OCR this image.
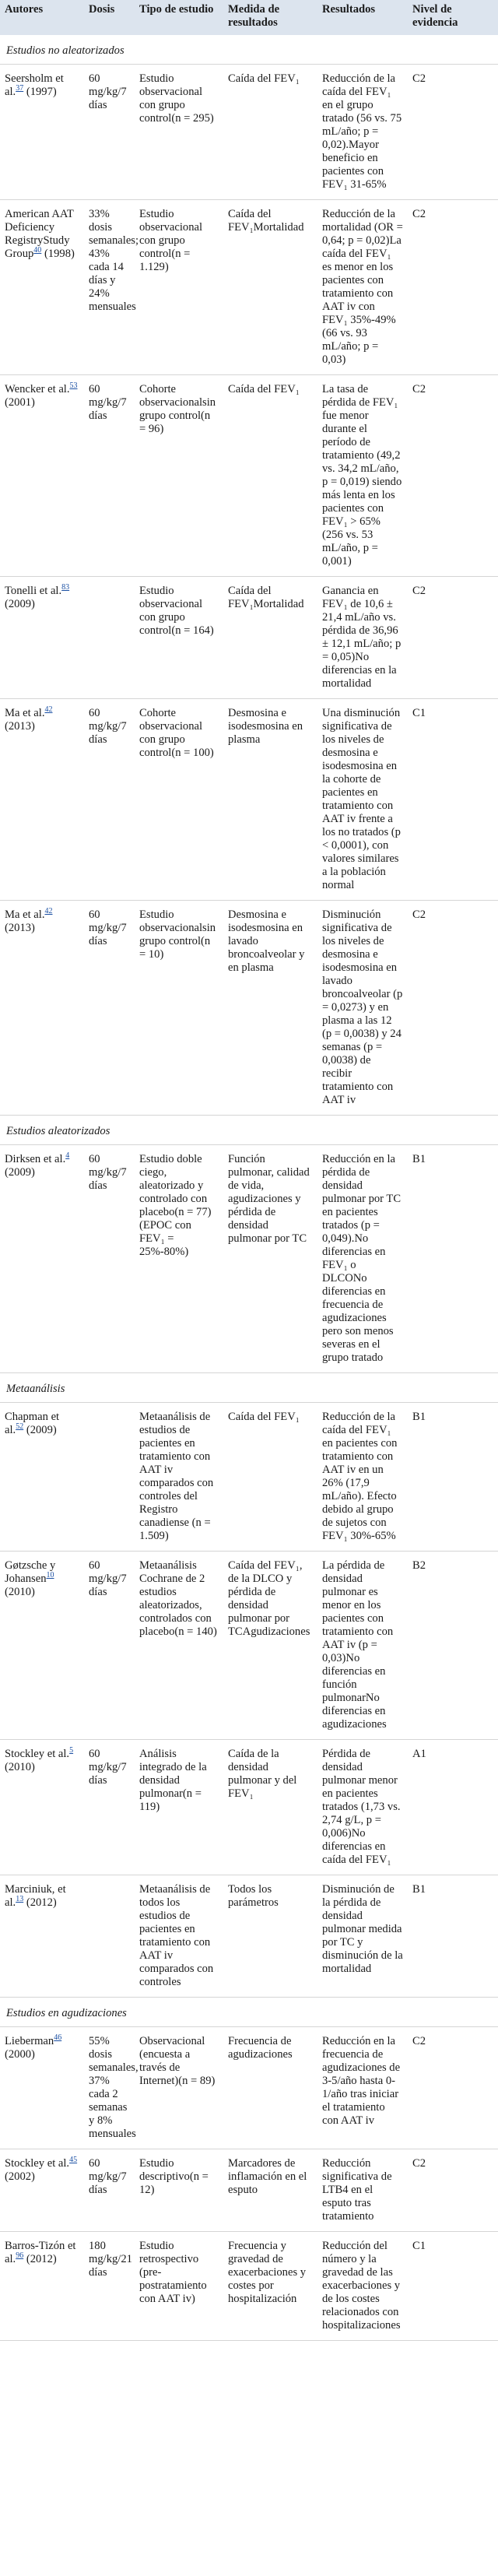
Autores	Dosis	Tipo de estudio	Medida de resultados	Resultados	Nivel de evidencia
Estudios no aleatorizados					
Seersholm et al.$^{37}$ (1997)	60 mg/kg/7 días	Estudio observacional con grupo control(n = 295)	Caída del FEV₁	Reducción de la caída del FEV₁ en el grupo tratado (56 vs. 75 mL/año; p = 0,02).Mayor beneficio en pacientes con FEV₁ 31-65%	C2
American AAT Deficiency RegistryStudy Group$^{40}$ (1998)	33% dosis semanales; 43% cada 14 días y 24% mensuales	Estudio observacional con grupo control(n = 1.129)	Caída del FEV₁Mortalidad	Reducción de la mortalidad (OR = 0,64; p = 0,02)La caída del FEV₁ es menor en los pacientes con tratamiento con AAT iv con FEV₁ 35%-49% (66 vs. 93 mL/año; p = 0,03)	C2
Wencker et al.$^{53}$ (2001)	60 mg/kg/7 días	Cohorte observacionalsin grupo control(n = 96)	Caída del FEV₁	La tasa de pérdida de FEV₁ fue menor durante el período de tratamiento (49,2 vs. 34,2 mL/año, p = 0,019) siendo más lenta en los pacientes con FEV₁ > 65% (256 vs. 53 mL/año, p = 0,001)	C2
Tonelli et al.$^{83}$ (2009)		Estudio observacional con grupo control(n = 164)	Caída del FEV₁Mortalidad	Ganancia en FEV₁ de 10,6 ± 21,4 mL/año vs. pérdida de 36,96 ± 12,1 mL/año; p = 0,05)No diferencias en la mortalidad	C2
Ma et al.$^{42}$ (2013)	60 mg/kg/7 días	Cohorte observacional con grupo control(n = 100)	Desmosina e isodesmosina en plasma	Una disminución significativa de los niveles de desmosina e isodesmosina en la cohorte de pacientes en tratamiento con AAT iv frente a los no tratados (p < 0,0001), con valores similares a la población normal	C1
Ma et al.$^{42}$ (2013)	60 mg/kg/7 días	Estudio observacionalsin grupo control(n = 10)	Desmosina e isodesmosina en lavado broncoalveolar y en plasma	Disminución significativa de los niveles de desmosina e isodesmosina en lavado broncoalveolar (p = 0,0273) y en plasma a las 12 (p = 0,0038) y 24 semanas (p = 0,0038) de recibir tratamiento con AAT iv	C2
Estudios aleatorizados					
Dirksen et al.$^4$ (2009)	60 mg/kg/7 días	Estudio doble ciego, aleatorizado y controlado con placebo(n = 77) (EPOC con FEV₁ = 25%-80%)	Función pulmonar, calidad de vida, agudizaciones y pérdida de densidad pulmonar por TC	Reducción en la pérdida de densidad pulmonar por TC en pacientes tratados (p = 0,049).No diferencias en FEV₁ o DLCONo diferencias en frecuencia de agudizaciones pero son menos severas en el grupo tratado	B1
Metaanálisis					
Chapman et al.$^{52}$ (2009)		Metaanálisis de estudios de pacientes en tratamiento con AAT iv comparados con controles del Registro canadiense (n = 1.509)	Caída del FEV₁	Reducción de la caída del FEV₁ en pacientes con tratamiento con AAT iv en un 26% (17,9 mL/año). Efecto debido al grupo de sujetos con FEV₁ 30%-65%	B1
Gøtzsche y Johansen$^{10}$ (2010)	60 mg/kg/7 días	Metaanálisis Cochrane de 2 estudios aleatorizados, controlados con placebo(n = 140)	Caída del FEV₁, de la DLCO y pérdida de densidad pulmonar por TCAgudizaciones	La pérdida de densidad pulmonar es menor en los pacientes con tratamiento con AAT iv (p = 0,03)No diferencias en función pulmonarNo diferencias en agudizaciones	B2
Stockley et al.$^5$ (2010)	60 mg/kg/7 días	Análisis integrado de la densidad pulmonar(n = 119)	Caída de la densidad pulmonar y del FEV₁	Pérdida de densidad pulmonar menor en pacientes tratados (1,73 vs. 2,74 g/L, p = 0,006)No diferencias en caída del FEV₁	A1
Marciniuk, et al.$^{13}$ (2012)		Metaanálisis de todos los estudios de pacientes en tratamiento con AAT iv comparados con controles	Todos los parámetros	Disminución de la pérdida de densidad pulmonar medida por TC y disminución de la mortalidad	B1
Estudios en agudizaciones					
Lieberman$^{46}$ (2000)	55% dosis semanales, 37% cada 2 semanas y 8% mensuales	Observacional (encuesta a través de Internet)(n = 89)	Frecuencia de agudizaciones	Reducción en la frecuencia de agudizaciones de 3-5/año hasta 0-1/año tras iniciar el tratamiento con AAT iv	C2
Stockley et al.$^{45}$ (2002)	60 mg/kg/7 días	Estudio descriptivo(n = 12)	Marcadores de inflamación en el esputo	Reducción significativa de LTB4 en el esputo tras tratamiento	C2
Barros-Tizón et al.$^{96}$ (2012)	180 mg/kg/21 días	Estudio retrospectivo (pre-postratamiento con AAT iv)	Frecuencia y gravedad de exacerbaciones y costes por hospitalización	Reducción del número y la gravedad de las exacerbaciones y de los costes relacionados con hospitalizaciones	C1
